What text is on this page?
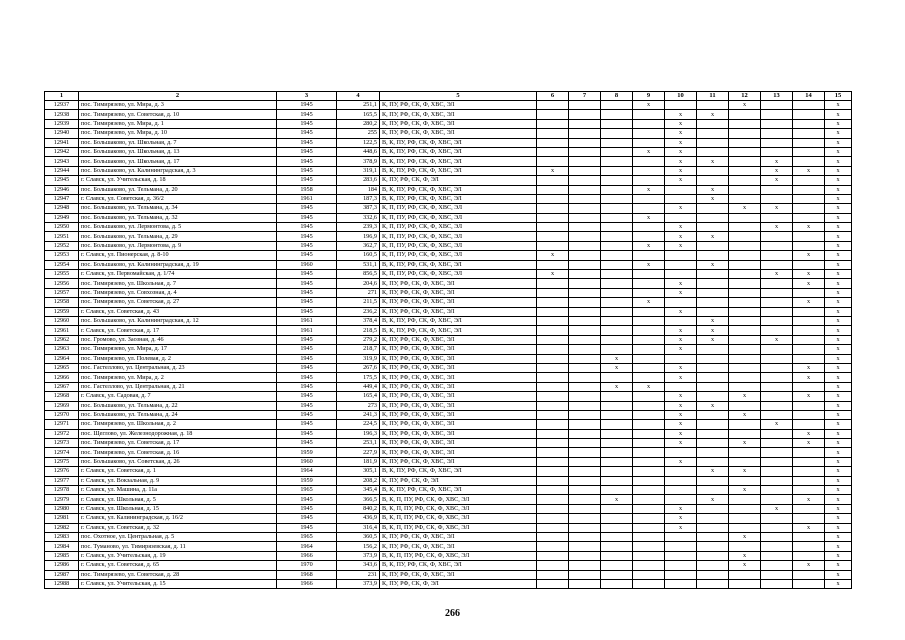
1	2	3	4	5	6	7	8	9	10	11	12	13	14	15
12937	пос. Тимирязево, ул. Мира, д. 3	1945	251,1	К, ПУ, РФ, СК, Ф, ХВС, ЭЛ				x			x			x
12938	пос. Тимирязево, ул. Советская, д. 10	1945	165,5	К, ПУ, РФ, СК, Ф, ХВС, ЭЛ					x	x				x
12939	пос. Тимирязево, ул. Мира, д. 1	1945	280,2	К, ПУ, РФ, СК, Ф, ХВС, ЭЛ					x					x
12940	пос. Тимирязево, ул. Мира, д. 10	1945	255	К, ПУ, РФ, СК, Ф, ХВС, ЭЛ					x					x
12941	пос. Большаково, ул. Школьная, д. 7	1945	122,5	В, К, ПУ, РФ, СК, Ф, ХВС, ЭЛ					x					x
12942	пос. Большаково, ул. Школьная, д. 13	1945	448,6	В, К, ПУ, РФ, СК, Ф, ХВС, ЭЛ				x	x					x
12943	пос. Большаково, ул. Школьная, д. 17	1945	378,9	В, К, ПУ, РФ, СК, Ф, ХВС, ЭЛ					x	x		x		x
12944	пос. Большаково, ул. Калининградская, д. 3	1945	319,1	В, К, ПУ, РФ, СК, Ф, ХВС, ЭЛ	x				x			x	x	x
12945	г. Славск, ул. Учительская, д. 18	1945	283,6	К, ПУ, РФ, СК, Ф, ЭЛ					x			x		x
12946	пос. Большаково, ул. Тельмана, д. 20	1958	184	В, К, ПУ, РФ, СК, Ф, ХВС, ЭЛ				x		x				x
12947	г. Славск, ул. Советская, д. 36/2	1961	187,3	В, К, ПУ, РФ, СК, Ф, ХВС, ЭЛ						x				x
12948	пос. Большаково, ул. Тельмана, д. 34	1945	387,3	К, П, ПУ, РФ, СК, Ф, ХВС, ЭЛ					x		x	x		x
12949	пос. Большаково, ул. Тельмана, д. 32	1945	332,6	К, П, ПУ, РФ, СК, Ф, ХВС, ЭЛ				x						x
12950	пос. Большаково, ул. Лермонтова, д. 5	1945	239,3	К, П, ПУ, РФ, СК, Ф, ХВС, ЭЛ					x			x	x	x
12951	пос. Большаково, ул. Тельмана, д. 29	1945	196,9	К, П, ПУ, РФ, СК, Ф, ХВС, ЭЛ					x	x				x
12952	пос. Большаково, ул. Лермонтова, д. 9	1945	362,7	К, П, ПУ, РФ, СК, Ф, ХВС, ЭЛ				x	x					x
12953	г. Славск, ул. Пионерская, д. 8-10	1945	160,5	К, П, ПУ, РФ, СК, Ф, ХВС, ЭЛ	x								x	x
12954	пос. Большаково, ул. Калининградская, д. 19	1960	531,1	В, К, ПУ, РФ, СК, Ф, ХВС, ЭЛ				x		x				x
12955	г. Славск, ул. Первомайская, д. 1/74	1945	856,5	К, П, ПУ, РФ, СК, Ф, ХВС, ЭЛ	x							x	x	x
12956	пос. Тимирязево, ул. Школьная, д. 7	1945	204,6	К, ПУ, РФ, СК, Ф, ХВС, ЭЛ					x				x	x
12957	пос. Тимирязево, ул. Совхозная, д. 4	1945	271	К, ПУ, РФ, СК, Ф, ХВС, ЭЛ					x					x
12958	пос. Тимирязево, ул. Советская, д. 27	1945	211,5	К, ПУ, РФ, СК, Ф, ХВС, ЭЛ				x					x	x
12959	г. Славск, ул. Советская, д. 43	1945	236,2	К, ПУ, РФ, СК, Ф, ХВС, ЭЛ					x					x
12960	пос. Большаково, ул. Калининградская, д. 12	1961	378,4	В, К, ПУ, РФ, СК, Ф, ХВС, ЭЛ						x				x
12961	г. Славск, ул. Советская, д. 17	1961	218,5	В, К, ПУ, РФ, СК, Ф, ХВС, ЭЛ					x	x				x
12962	пос. Громово, ул. Заозная, д. 46	1945	279,2	К, ПУ, РФ, СК, Ф, ХВС, ЭЛ					x	x		x		x
12963	пос. Тимирязево, ул. Мира, д. 17	1945	218,7	К, ПУ, РФ, СК, Ф, ХВС, ЭЛ					x					x
12964	пос. Тимирязево, ул. Полевая, д. 2	1945	319,9	К, ПУ, РФ, СК, Ф, ХВС, ЭЛ			x							x
12965	пос. Гастеллово, ул. Центральная, д. 23	1945	267,6	К, ПУ, РФ, СК, Ф, ХВС, ЭЛ			x		x				x	x
12966	пос. Тимирязево, ул. Мира, д. 2	1945	175,5	К, ПУ, РФ, СК, Ф, ХВС, ЭЛ					x				x	x
12967	пос. Гастеллово, ул. Центральная, д. 21	1945	449,4	К, ПУ, РФ, СК, Ф, ХВС, ЭЛ			x	x						x
12968	г. Славск, ул. Садовая, д. 7	1945	165,4	К, ПУ, РФ, СК, Ф, ХВС, ЭЛ					x		x		x	x
12969	пос. Большаково, ул. Тельмана, д. 22	1945	273	К, ПУ, РФ, СК, Ф, ХВС, ЭЛ					x	x				x
12970	пос. Большаково, ул. Тельмана, д. 24	1945	241,3	К, ПУ, РФ, СК, Ф, ХВС, ЭЛ					x		x			x
12971	пос. Тимирязево, ул. Школьная, д. 2	1945	224,5	К, ПУ, РФ, СК, Ф, ХВС, ЭЛ					x			x		x
12972	пос. Щеглово, ул. Железнодорожная, д. 18	1945	196,3	К, ПУ, РФ, СК, Ф, ХВС, ЭЛ					x				x	x
12973	пос. Тимирязево, ул. Советская, д. 17	1945	253,1	К, ПУ, РФ, СК, Ф, ХВС, ЭЛ					x		x		x	x
12974	пос. Тимирязево, ул. Советская, д. 16	1959	227,9	К, ПУ, РФ, СК, Ф, ХВС, ЭЛ										x
12975	пос. Большаково, ул. Советская, д. 26	1960	181,9	К, ПУ, РФ, СК, Ф, ХВС, ЭЛ					x					x
12976	г. Славск, ул. Советская, д. 1	1964	305,1	В, К, ПУ, РФ, СК, Ф, ХВС, ЭЛ						x	x			x
12977	г. Славск, ул. Вокзальная, д. 9	1959	208,2	К, ПУ, РФ, СК, Ф, ЭЛ										x
12978	г. Славск, ул. Машина, д. 11а	1965	345,4	В, К, ПУ, РФ, СК, Ф, ХВС, ЭЛ							x			x
12979	г. Славск, ул. Школьная, д. 5	1945	366,5	В, К, П, ПУ, РФ, СК, Ф, ХВС, ЭЛ			x			x			x	x
12980	г. Славск, ул. Школьная, д. 15	1945	840,2	В, К, П, ПУ, РФ, СК, Ф, ХВС, ЭЛ					x			x		x
12981	г. Славск, ул. Калининградская, д. 16/2	1945	436,9	В, К, П, ПУ, РФ, СК, Ф, ХВС, ЭЛ					x					x
12982	г. Славск, ул. Советская, д. 32	1945	316,4	В, К, П, ПУ, РФ, СК, Ф, ХВС, ЭЛ					x				x	x
12983	пос. Охотное, ул. Центральная, д. 5	1965	360,5	К, ПУ, РФ, СК, Ф, ХВС, ЭЛ							x			x
12984	пос. Туманово, ул. Тимирязевская, д. 11	1964	156,2	К, ПУ, РФ, СК, Ф, ХВС, ЭЛ										x
12985	г. Славск, ул. Учительская, д. 19	1966	373,9	В, К, П, ПУ, РФ, СК, Ф, ХВС, ЭЛ							x			x
12986	г. Славск, ул. Советская, д. 65	1970	343,6	В, К, ПУ, РФ, СК, Ф, ХВС, ЭЛ							x		x	x
12987	пос. Тимирязево, ул. Советская, д. 28	1968	231	К, ПУ, РФ, СК, Ф, ХВС, ЭЛ										x
12988	г. Славск, ул. Учительская, д. 15	1966	373,9	К, ПУ, РФ, СК, Ф, ЭЛ										x
266
